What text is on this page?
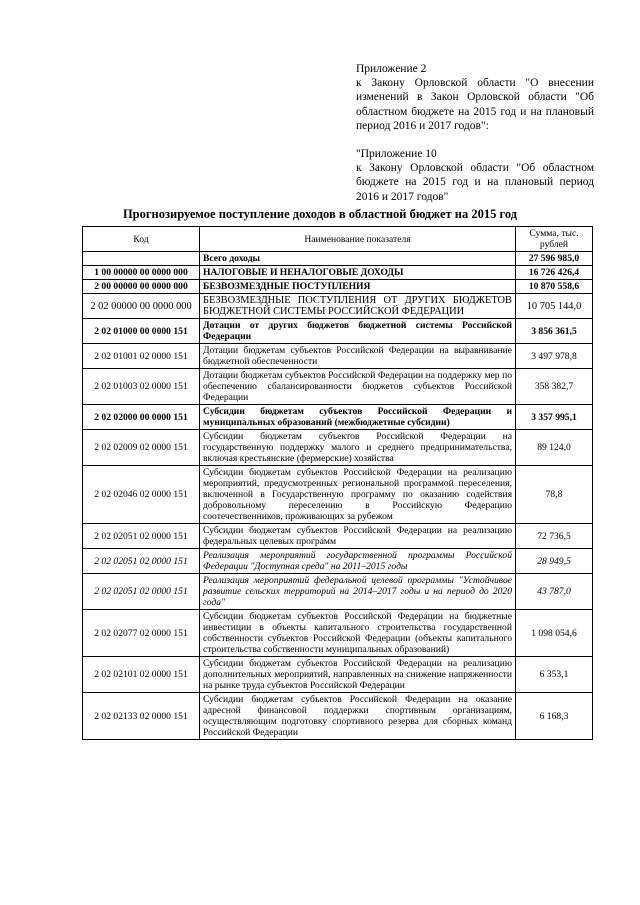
Приложение 2

к Закону Орловской области "О внесении изменений в Закон Орловской области "Об областном бюджете на 2015 год и на плановый период 2016 и 2017 годов":

"Приложение 10

к Закону Орловской области "Об областном бюджете на 2015 год и на плановый период 2016 и 2017 годов"

Прогнозируемое поступление доходов в областной бюджет на 2015 год
Код	Наименование показателя	Сумма, тыс. рублей
	Всего доходы	27 596 985,0
1 00 00000 00 0000 000	НАЛОГОВЫЕ И НЕНАЛОГОВЫЕ ДОХОДЫ	16 726 426,4
2 00 00000 00 0000 000	БЕЗВОЗМЕЗДНЫЕ ПОСТУПЛЕНИЯ	10 870 558,6
2 02 00000 00 0000 000	БЕЗВОЗМЕЗДНЫЕ ПОСТУПЛЕНИЯ ОТ ДРУГИХ БЮДЖЕТОВ БЮДЖЕТНОЙ СИСТЕМЫ РОССИЙСКОЙ ФЕДЕРАЦИИ	10 705 144,0
2 02 01000 00 0000 151	Дотации от других бюджетов бюджетной системы Российской Федерации	3 856 361,5
2 02 01001 02 0000 151	Дотации бюджетам субъектов Российской Федерации на выравнивание бюджетной обеспеченности	3 497 978,8
2 02 01003 02 0000 151	Дотации бюджетам субъектов Российской Федерации на поддержку мер по обеспечению сбалансированности бюджетов субъектов Российской Федерации	358 382,7
2 02 02000 00 0000 151	Субсидии бюджетам субъектов Российской Федерации и муниципальных образований (межбюджетные субсидии)	3 357 995,1
2 02 02009 02 0000 151	Субсидии бюджетам субъектов Российской Федерации на государственную поддержку малого и среднего предпринимательства, включая крестьянские (фермерские) хозяйства	89 124,0
2 02 02046 02 0000 151	Субсидии бюджетам субъектов Российской Федерации на реализацию мероприятий, предусмотренных региональной программой переселения, включенной в Государственную программу по оказанию содействия добровольному переселению в Российскую Федерацию соотечественников, проживающих за рубежом	78,8
2 02 02051 02 0000 151	Субсидии бюджетам субъектов Российской Федерации на реализацию федеральных целевых программ	72 736,5
2 02 02051 02 0000 151	Реализация мероприятий государственной программы Российской Федерации "Доступная среда" на 2011–2015 годы	28 949,5
2 02 02051 02 0000 151	Реализация мероприятий федеральной целевой программы "Устойчивое развитие сельских территорий на 2014–2017 годы и на период до 2020 года"	43 787,0
2 02 02077 02 0000 151	Субсидии бюджетам субъектов Российской Федерации на бюджетные инвестиции в объекты капитального строительства государственной собственности субъектов Российской Федерации (объекты капитального строительства собственности муниципальных образований)	1 098 054,6
2 02 02101 02 0000 151	Субсидии бюджетам субъектов Российской Федерации на реализацию дополнительных мероприятий, направленных на снижение напряженности на рынке труда субъектов Российской Федерации	6 353,1
2 02 02133 02 0000 151	Субсидии бюджетам субъектов Российской Федерации на оказание адресной финансовой поддержки спортивным организациям, осуществляющим подготовку спортивного резерва для сборных команд Российской Федерации	6 168,3
